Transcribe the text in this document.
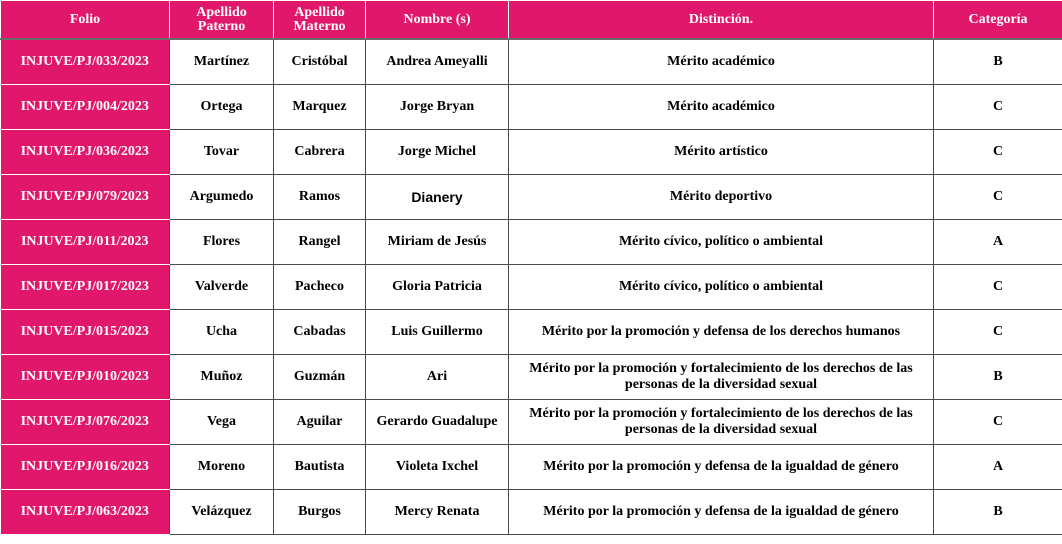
Folio	Apellido Paterno	Apellido Materno	Nombre (s)	Distinción.	Categoría
INJUVE/PJ/033/2023	Martínez	Cristóbal	Andrea Ameyalli	Mérito académico	B
INJUVE/PJ/004/2023	Ortega	Marquez	Jorge Bryan	Mérito académico	C
INJUVE/PJ/036/2023	Tovar	Cabrera	Jorge Michel	Mérito artístico	C
INJUVE/PJ/079/2023	Argumedo	Ramos	Dianery	Mérito deportivo	C
INJUVE/PJ/011/2023	Flores	Rangel	Miriam de Jesús	Mérito cívico, político o ambiental	A
INJUVE/PJ/017/2023	Valverde	Pacheco	Gloria Patricia	Mérito cívico, político o ambiental	C
INJUVE/PJ/015/2023	Ucha	Cabadas	Luis Guillermo	Mérito por la promoción y defensa de los derechos humanos	C
INJUVE/PJ/010/2023	Muñoz	Guzmán	Ari	Mérito por la promoción y fortalecimiento de los derechos de las personas de la diversidad sexual	B
INJUVE/PJ/076/2023	Vega	Aguilar	Gerardo Guadalupe	Mérito por la promoción y fortalecimiento de los derechos de las personas de la diversidad sexual	C
INJUVE/PJ/016/2023	Moreno	Bautista	Violeta Ixchel	Mérito por la promoción y defensa de la igualdad de género	A
INJUVE/PJ/063/2023	Velázquez	Burgos	Mercy Renata	Mérito por la promoción y defensa de la igualdad de género	B
